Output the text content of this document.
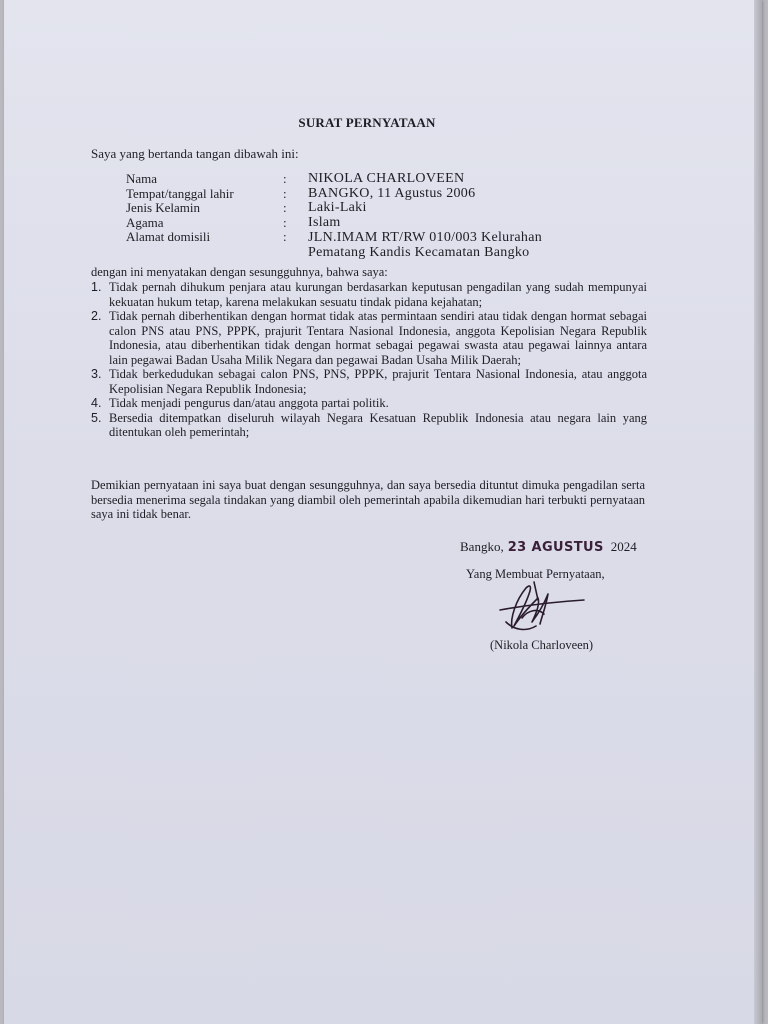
SURAT PERNYATAAN
Saya yang bertanda tangan dibawah ini:
Nama	:	NIKOLA CHARLOVEEN
Tempat/tanggal lahir	:	BANGKO, 11 Agustus 2006
Jenis Kelamin	:	Laki-Laki
Agama	:	Islam
Alamat domisili	:	JLN.IMAM RT/RW 010/003 Kelurahan
Pematang Kandis Kecamatan Bangko
dengan ini menyatakan dengan sesungguhnya, bahwa saya:
1. Tidak pernah dihukum penjara atau kurungan berdasarkan keputusan pengadilan yang sudah mempunyai kekuatan hukum tetap, karena melakukan sesuatu tindak pidana kejahatan;
2. Tidak pernah diberhentikan dengan hormat tidak atas permintaan sendiri atau tidak dengan hormat sebagai calon PNS atau PNS, PPPK, prajurit Tentara Nasional Indonesia, anggota Kepolisian Negara Republik Indonesia, atau diberhentikan tidak dengan hormat sebagai pegawai swasta atau pegawai lainnya antara lain pegawai Badan Usaha Milik Negara dan pegawai Badan Usaha Milik Daerah;
3. Tidak berkedudukan sebagai calon PNS, PNS, PPPK, prajurit Tentara Nasional Indonesia, atau anggota Kepolisian Negara Republik Indonesia;
4. Tidak menjadi pengurus dan/atau anggota partai politik.
5. Bersedia ditempatkan diseluruh wilayah Negara Kesatuan Republik Indonesia atau negara lain yang ditentukan oleh pemerintah;
Demikian pernyataan ini saya buat dengan sesungguhnya, dan saya bersedia dituntut dimuka pengadilan serta bersedia menerima segala tindakan yang diambil oleh pemerintah apabila dikemudian hari terbukti pernyataan saya ini tidak benar.
Bangko, 23 AGUSTUS 2024
Yang Membuat Pernyataan,
(Nikola Charloveen)
